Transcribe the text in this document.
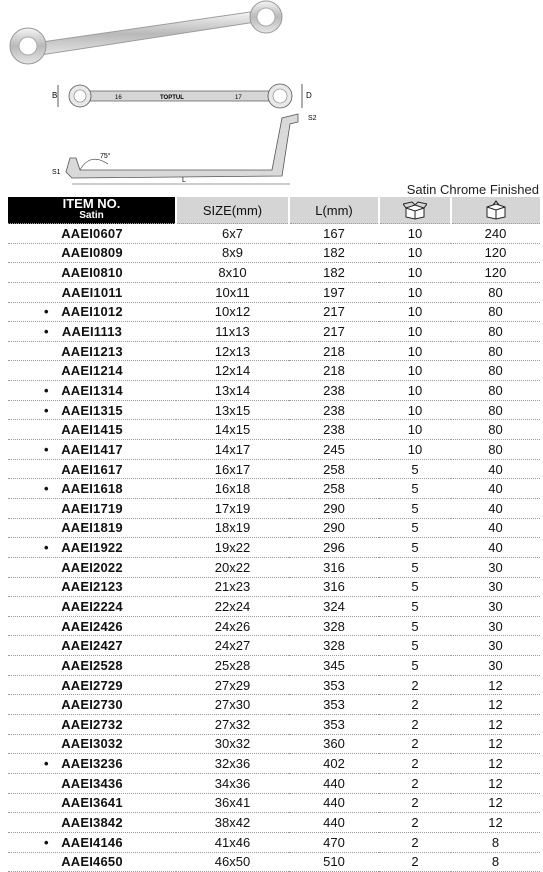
B	16	TOPTUL	17	D
75°
S1
S2
L
Satin Chrome Finished
ITEM NO.
Satin	SIZE(mm)	L(mm)	

AAEI0607	6x7	167	10	240

AAEI0809	8x9	182	10	120

AAEI0810	8x10	182	10	120

AAEI1011	10x11	197	10	80

• AAEI1012	10x12	217	10	80

• AAEI1113	11x13	217	10	80

AAEI1213	12x13	218	10	80

AAEI1214	12x14	218	10	80

• AAEI1314	13x14	238	10	80

• AAEI1315	13x15	238	10	80

AAEI1415	14x15	238	10	80

• AAEI1417	14x17	245	10	80

AAEI1617	16x17	258	5	40

• AAEI1618	16x18	258	5	40

AAEI1719	17x19	290	5	40

AAEI1819	18x19	290	5	40

• AAEI1922	19x22	296	5	40

AAEI2022	20x22	316	5	30

AAEI2123	21x23	316	5	30

AAEI2224	22x24	324	5	30

AAEI2426	24x26	328	5	30

AAEI2427	24x27	328	5	30

AAEI2528	25x28	345	5	30

AAEI2729	27x29	353	2	12

AAEI2730	27x30	353	2	12

AAEI2732	27x32	353	2	12

AAEI3032	30x32	360	2	12

• AAEI3236	32x36	402	2	12

AAEI3436	34x36	440	2	12

AAEI3641	36x41	440	2	12

AAEI3842	38x42	440	2	12

• AAEI4146	41x46	470	2	8

AAEI4650	46x50	510	2	8
